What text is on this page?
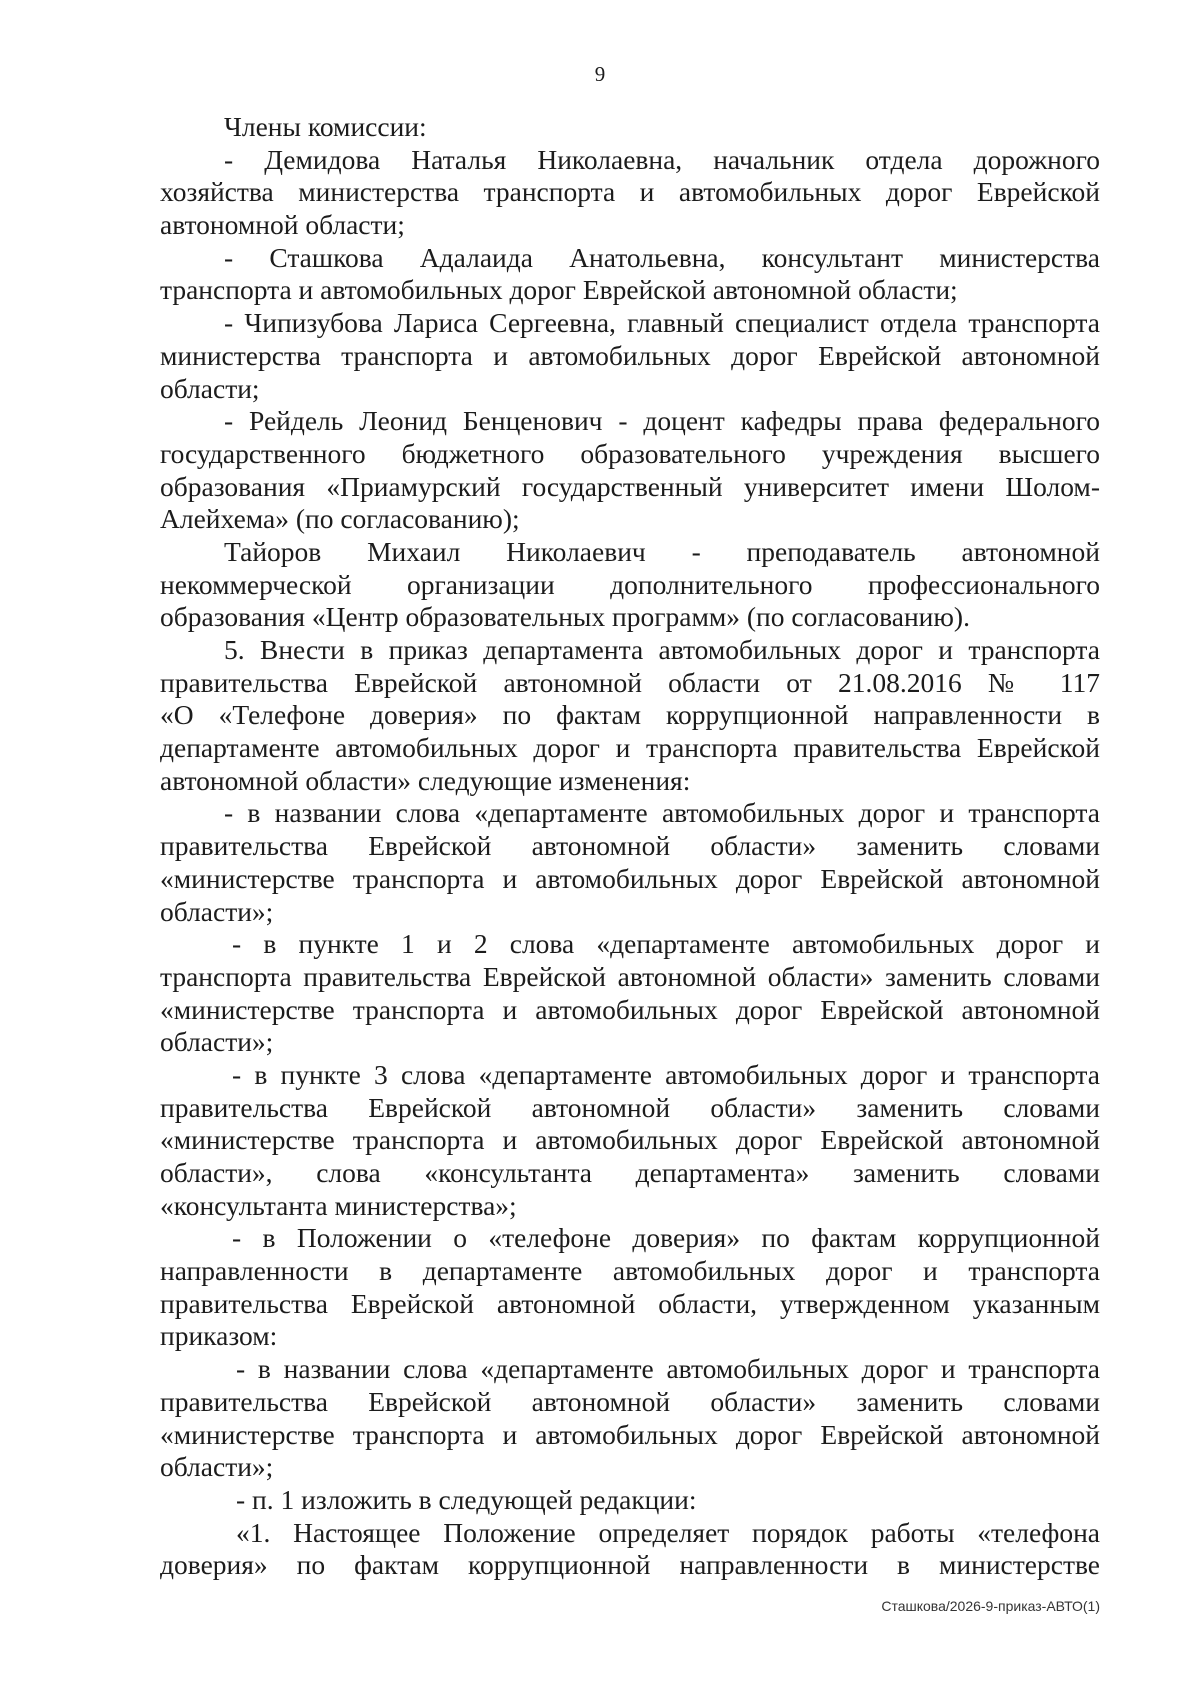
9
Члены комиссии:
- Демидова Наталья Николаевна, начальник отдела дорожного
хозяйства министерства транспорта и автомобильных дорог Еврейской
автономной области;
- Сташкова Адалаида Анатольевна, консультант министерства
транспорта и автомобильных дорог Еврейской автономной области;
- Чипизубова Лариса Сергеевна, главный специалист отдела транспорта
министерства транспорта и автомобильных дорог Еврейской автономной
области;
- Рейдель Леонид Бенценович - доцент кафедры права федерального
государственного бюджетного образовательного учреждения высшего
образования «Приамурский государственный университет имени Шолом-
Алейхема» (по согласованию);
Тайоров Михаил Николаевич - преподаватель автономной
некоммерческой организации дополнительного профессионального
образования «Центр образовательных программ» (по согласованию).
5. Внести в приказ департамента автомобильных дорог и транспорта
правительства Еврейской автономной области от 21.08.2016 № 117
«О «Телефоне доверия» по фактам коррупционной направленности в
департаменте автомобильных дорог и транспорта правительства Еврейской
автономной области» следующие изменения:
- в названии слова «департаменте автомобильных дорог и транспорта
правительства Еврейской автономной области» заменить словами
«министерстве транспорта и автомобильных дорог Еврейской автономной
области»;
- в пункте 1 и 2 слова «департаменте автомобильных дорог и
транспорта правительства Еврейской автономной области» заменить словами
«министерстве транспорта и автомобильных дорог Еврейской автономной
области»;
- в пункте 3 слова «департаменте автомобильных дорог и транспорта
правительства Еврейской автономной области» заменить словами
«министерстве транспорта и автомобильных дорог Еврейской автономной
области», слова «консультанта департамента» заменить словами
«консультанта министерства»;
- в Положении о «телефоне доверия» по фактам коррупционной
направленности в департаменте автомобильных дорог и транспорта
правительства Еврейской автономной области, утвержденном указанным
приказом:
- в названии слова «департаменте автомобильных дорог и транспорта
правительства Еврейской автономной области» заменить словами
«министерстве транспорта и автомобильных дорог Еврейской автономной
области»;
- п. 1 изложить в следующей редакции:
«1. Настоящее Положение определяет порядок работы «телефона
доверия» по фактам коррупционной направленности в министерстве
Сташкова/2026-9-приказ-АВТО(1)
